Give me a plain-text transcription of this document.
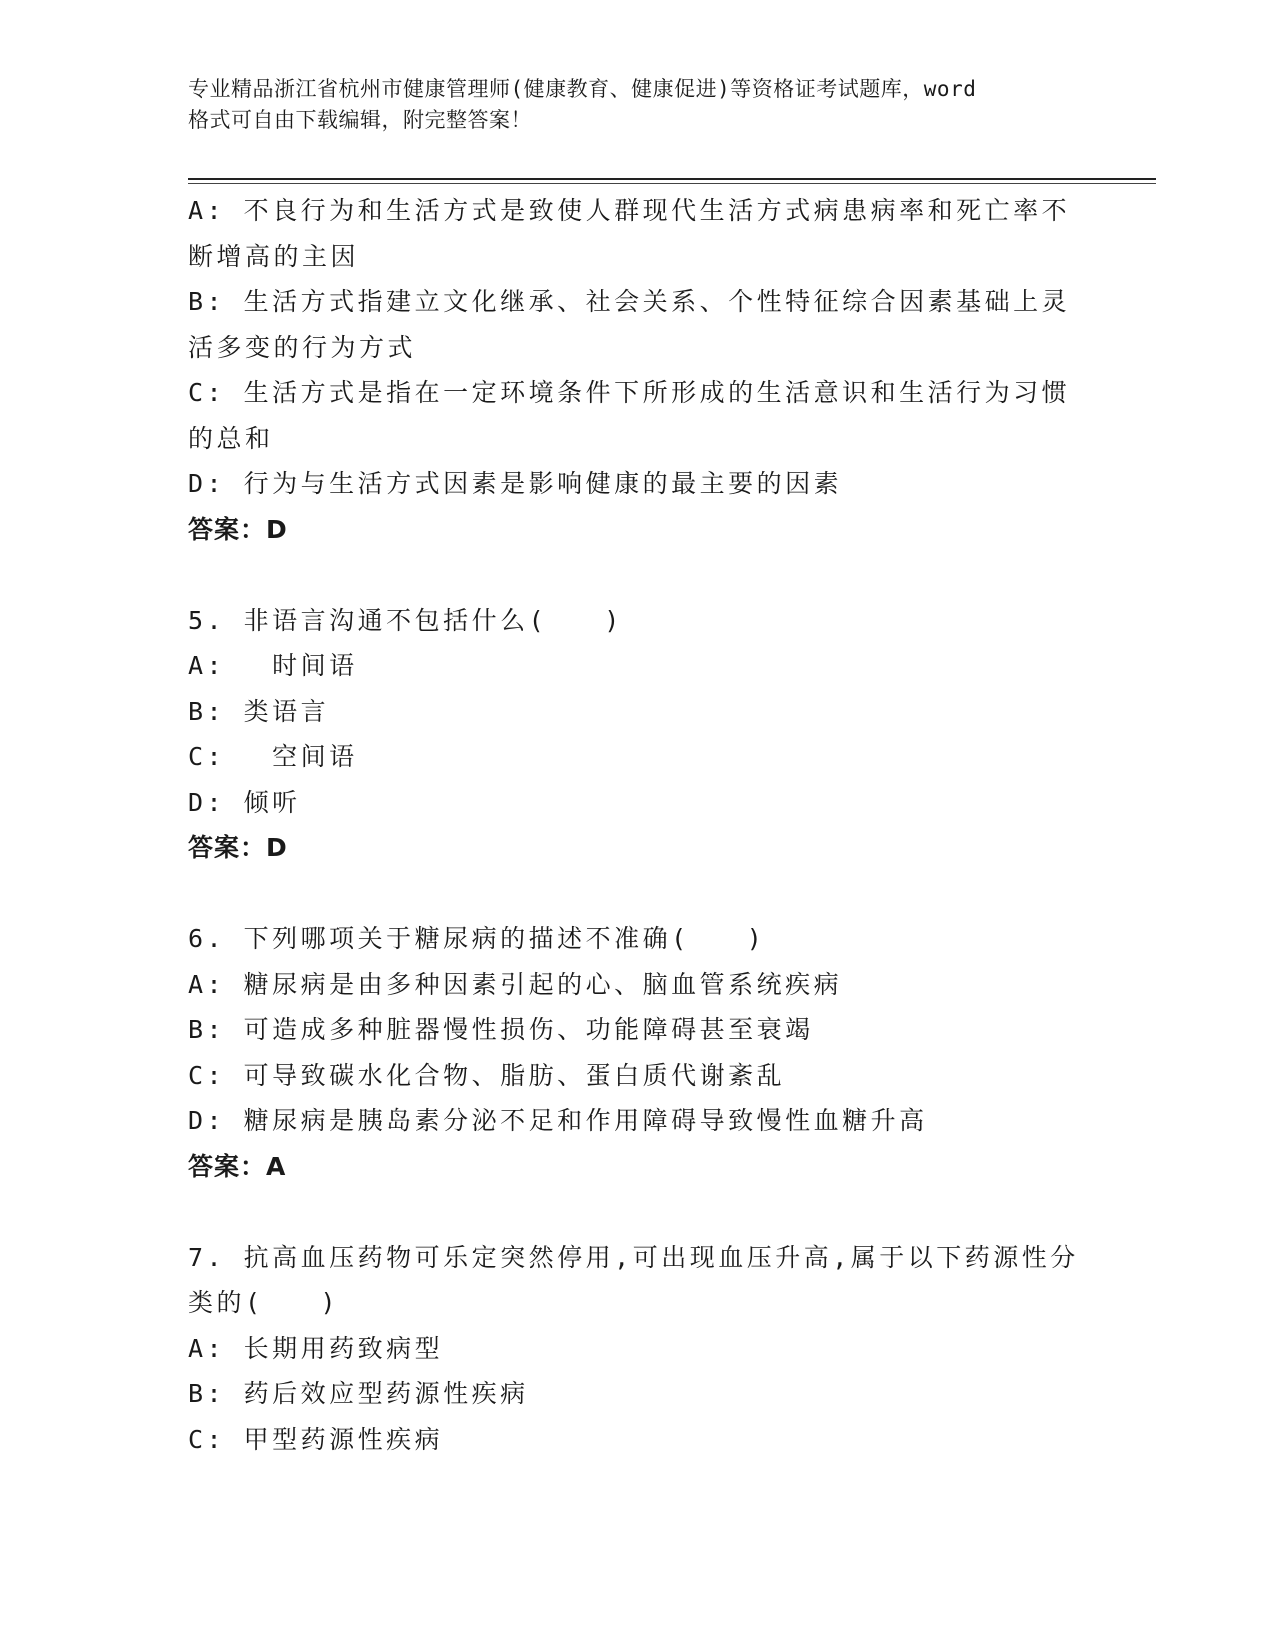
专业精品浙江省杭州市健康管理师(健康教育、健康促进)等资格证考试题库，word
格式可自由下载编辑，附完整答案！
A: 不良行为和生活方式是致使人群现代生活方式病患病率和死亡率不
断增高的主因
B: 生活方式指建立文化继承、社会关系、个性特征综合因素基础上灵
活多变的行为方式
C: 生活方式是指在一定环境条件下所形成的生活意识和生活行为习惯
的总和
D: 行为与生活方式因素是影响健康的最主要的因素
答案：D
5. 非语言沟通不包括什么(　　)
A: 　时间语
B: 类语言
C: 　空间语
D: 倾听
答案：D
6. 下列哪项关于糖尿病的描述不准确(　　)
A: 糖尿病是由多种因素引起的心、脑血管系统疾病
B: 可造成多种脏器慢性损伤、功能障碍甚至衰竭
C: 可导致碳水化合物、脂肪、蛋白质代谢紊乱
D: 糖尿病是胰岛素分泌不足和作用障碍导致慢性血糖升高
答案：A
7. 抗高血压药物可乐定突然停用,可出现血压升高,属于以下药源性分
类的(　　)
A: 长期用药致病型
B: 药后效应型药源性疾病
C: 甲型药源性疾病
